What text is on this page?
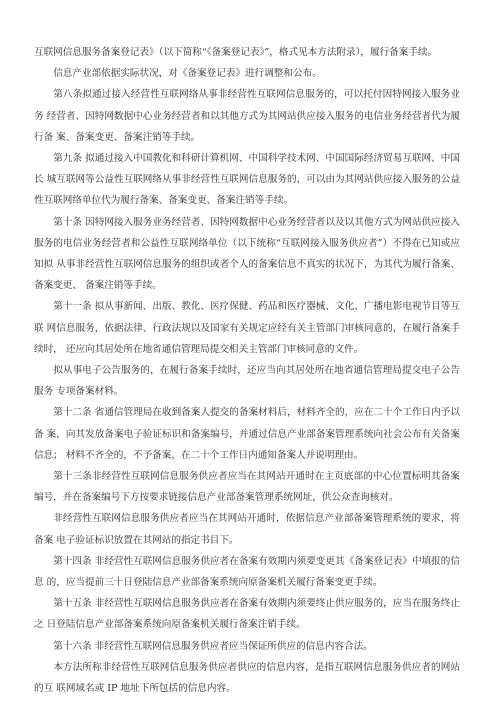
互联网信息服务备案登记表》（以下简称“《备案登记表》”，格式见本方法附录），履行备案手续。

信息产业部依据实际状况，对《备案登记表》进行调整和公布。

第八条拟通过接入经营性互联网络从事非经营性互联网信息服务的，可以托付因特网接入服务业务 经营者、因特网数据中心业务经营者和以其他方式为其网站供应接入服务的电信业务经营者代为履行备 案、备案变更、备案注销等手续。

第九条 拟通过接入中国教化和科研计算机网、中国科学技术网、中国国际经济贸易互联网、中国长 城互联网等公益性互联网络从事非经营性互联网信息服务的，可以由为其网站供应接入服务的公益 性互联网络单位代为履行备案、备案变更、备案注销等手续。

第十条 因特网接入服务业务经营者、因特网数据中心业务经营者以及以其他方式为网站供应接入 服务的电信业务经营者和公益性互联网络单位（以下统称“互联网接入服务供应者”）不得在已知或应知拟 从事非经营性互联网信息服务的组织或者个人的备案信息不真实的状况下，为其代为履行备案、备案变更、 备案注销等手续。

第十一条 拟从事新闻、出版、教化、医疗保健、药品和医疗器械、文化、广播电影电视节目等互联 网信息服务，依据法律、行政法规以及国家有关规定应经有关主管部门审核同意的，在履行备案手续时， 还应向其居处所在地省通信管理局提交相关主管部门审核同意的文件。

拟从事电子公告服务的，在履行备案手续时，还应当向其居处所在地省通信管理局提交电子公告服务 专项备案材料。

第十二条 省通信管理局在收到备案人提交的备案材料后，材料齐全的，应在二十个工作日内予以备 案，向其发放备案电子验证标识和备案编号，并通过信息产业部备案管理系统向社会公布有关备案信息； 材料不齐全的，不予备案，在二十个工作日内通知备案人并说明理由。

第十三条非经营性互联网信息服务供应者应当在其网站开通时在主页底部的中心位置标明其备案 编号，并在备案编号下方按要求链接信息产业部备案管理系统网址，供公众查询核对。

非经营性互联网信息服务供应者应当在其网站开通时，依据信息产业部备案管理系统的要求，将备案 电子验证标识放置在其网站的指定书目下。

第十四条 非经营性互联网信息服务供应者在备案有效期内须要变更其《备案登记表》中填报的信息 的，应当提前三十日登陆信息产业部备案系统向原备案机关履行备案变更手续。

第十五条 非经营性互联网信息服务供应者在备案有效期内须要终止供应服务的，应当在服务终止之 日登陆信息产业部备案系统向原备案机关履行备案注销手续。

第十六条 非经营性互联网信息服务供应者应当保证所供应的信息内容合法。

本方法所称非经营性互联网信息服务供应者供应的信息内容，是指互联网信息服务供应者的网站的互 联网域名或 IP 地址下所包括的信息内容。
